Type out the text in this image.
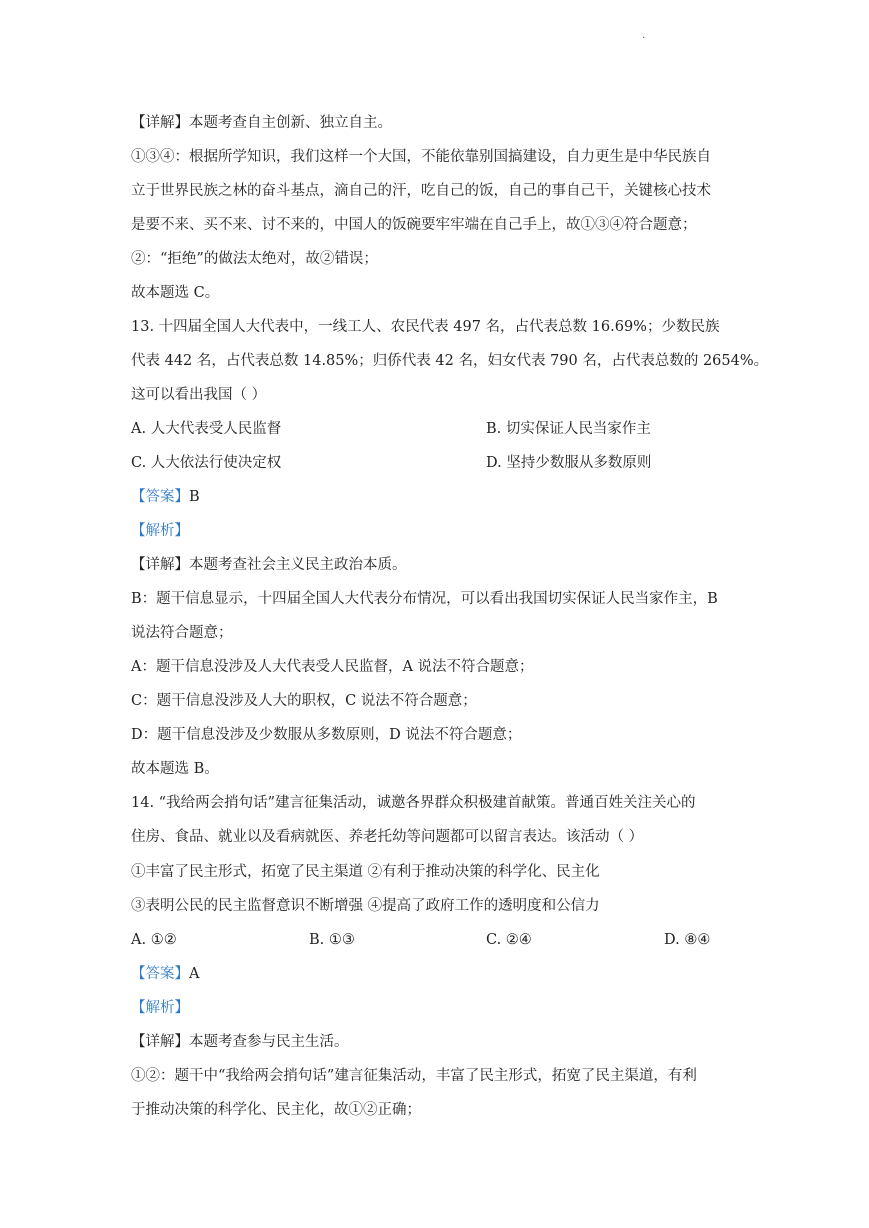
.
【详解】本题考查自主创新、独立自主。
①③④：根据所学知识，我们这样一个大国，不能依靠别国搞建设，自力更生是中华民族自
立于世界民族之林的奋斗基点，滴自己的汗，吃自己的饭，自己的事自己干，关键核心技术
是要不来、买不来、讨不来的，中国人的饭碗要牢牢端在自己手上，故①③④符合题意；
②：“拒绝”的做法太绝对，故②错误；
故本题选 C。
13. 十四届全国人大代表中，一线工人、农民代表 497 名，占代表总数 16.69%；少数民族
代表 442 名，占代表总数 14.85%；归侨代表 42 名，妇女代表 790 名，占代表总数的 2654%。
这可以看出我国（ ）
A. 人大代表受人民监督	B. 切实保证人民当家作主
C. 人大依法行使决定权	D. 坚持少数服从多数原则
【答案】B
【解析】
【详解】本题考查社会主义民主政治本质。
B：题干信息显示，十四届全国人大代表分布情况，可以看出我国切实保证人民当家作主，B
说法符合题意；
A：题干信息没涉及人大代表受人民监督，A 说法不符合题意；
C：题干信息没涉及人大的职权，C 说法不符合题意；
D：题干信息没涉及少数服从多数原则，D 说法不符合题意；
故本题选 B。
14. “我给两会捎句话”建言征集活动，诚邀各界群众积极建首献策。普通百姓关注关心的
住房、食品、就业以及看病就医、养老托幼等问题都可以留言表达。该活动（ ）
①丰富了民主形式，拓宽了民主渠道 ②有利于推动决策的科学化、民主化
③表明公民的民主监督意识不断增强 ④提高了政府工作的透明度和公信力
A. ①②	B. ①③	C. ②④	D. ⑧④
【答案】A
【解析】
【详解】本题考查参与民主生活。
①②：题干中“我给两会捎句话”建言征集活动，丰富了民主形式，拓宽了民主渠道，有利
于推动决策的科学化、民主化，故①②正确；
